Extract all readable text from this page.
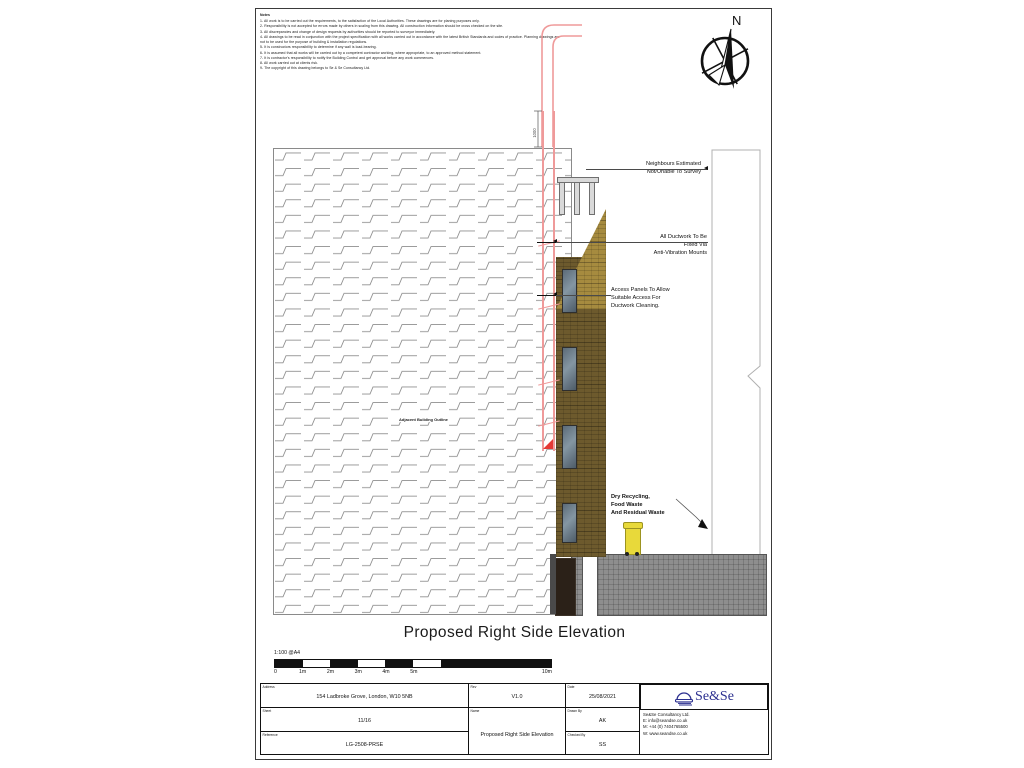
Notes

1- All work is to be carried out the requirements, to the satisfaction of the Local Authorities. These drawings are for planing purposes only.

2- Responsibility is not accepted for errors made by others in scaling from this drawing. All construction information should be cross checked on the site.

3- All discrepancies and change of design requests by authorities should be reported to surveyor immediately.

4- All drawings to be read in conjunction with the project specification with all works carried out in accordance with the latest British Standards and codes of practice. Planning drawings are not to be used for the purpose of building & installation regulations.

5- It is constructors responsibility to determine if any wall is load-bearing.

6- It is assumed that all works will be carried out by a competent contractor working, where appropriate, to an approved method statement.

7- It is contractor's responsibility to notify the Building Control and get approval before any work commences.

8- All work carried out at clients risk.

9- The copyright of this drawing belongs to Se & Se Consultancy Ltd.

N
Adjacent Building Outline
1000
Neighbours Estimated
Not/Unable To Survey
All Ductwork To Be
Fixed Via
Anti-Vibration Mounts
Access Panels To Allow
Suitable Access For
Ductwork Cleaning.
Dry Recycling,
Food Waste
And Residual Waste
Proposed Right Side Elevation
1:100 @A4
0	1m	2m	3m	4m	5m	10m
Address
154 Ladbroke Grove, London, W10 5NB
Sheet
11/16
Reference
LG-2508-PRSE
Rev
V1.0
Name
Proposed Right Side Elevation
Date
25/08/2021
Drawn By
AK
Checked By
SS
Se&Se
Se&Se Consultancy Ltd.
E: info@seandse.co.uk
M: +44 (0) 7404765500
W: www.seandse.co.uk
